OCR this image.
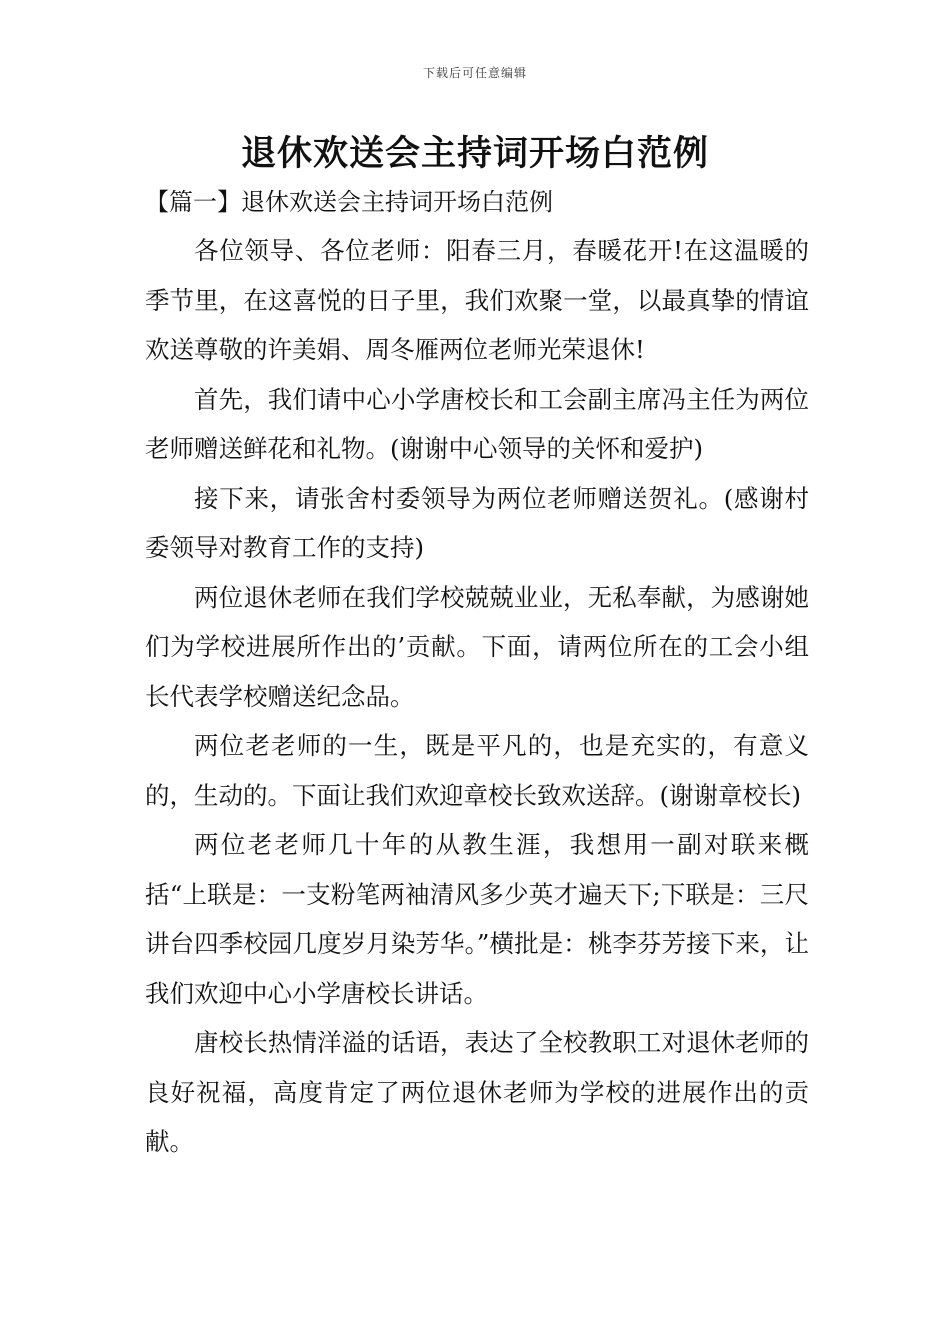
下载后可任意编辑
退休欢送会主持词开场白范例
【篇一】退休欢送会主持词开场白范例

各位领导、各位老师：阳春三月，春暖花开!在这温暖的季节里，在这喜悦的日子里，我们欢聚一堂，以最真挚的情谊欢送尊敬的许美娟、周冬雁两位老师光荣退休!

首先，我们请中心小学唐校长和工会副主席冯主任为两位老师赠送鲜花和礼物。(谢谢中心领导的关怀和爱护)

接下来，请张舍村委领导为两位老师赠送贺礼。(感谢村委领导对教育工作的支持)

两位退休老师在我们学校兢兢业业，无私奉献，为感谢她们为学校进展所作出的’贡献。下面，请两位所在的工会小组长代表学校赠送纪念品。

两位老老师的一生，既是平凡的，也是充实的，有意义的，生动的。下面让我们欢迎章校长致欢送辞。(谢谢章校长)

两位老老师几十年的从教生涯，我想用一副对联来概括“上联是：一支粉笔两袖清风多少英才遍天下;下联是：三尺讲台四季校园几度岁月染芳华。”横批是：桃李芬芳接下来，让我们欢迎中心小学唐校长讲话。

唐校长热情洋溢的话语，表达了全校教职工对退休老师的良好祝福，高度肯定了两位退休老师为学校的进展作出的贡献。
